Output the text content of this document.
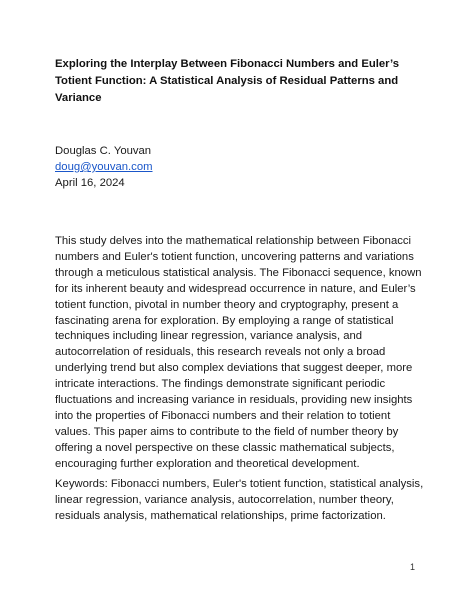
Exploring the Interplay Between Fibonacci Numbers and Euler’s Totient Function: A Statistical Analysis of Residual Patterns and Variance
Douglas C. Youvan
doug@youvan.com
April 16, 2024
This study delves into the mathematical relationship between Fibonacci numbers and Euler's totient function, uncovering patterns and variations through a meticulous statistical analysis. The Fibonacci sequence, known for its inherent beauty and widespread occurrence in nature, and Euler’s totient function, pivotal in number theory and cryptography, present a fascinating arena for exploration. By employing a range of statistical techniques including linear regression, variance analysis, and autocorrelation of residuals, this research reveals not only a broad underlying trend but also complex deviations that suggest deeper, more intricate interactions. The findings demonstrate significant periodic fluctuations and increasing variance in residuals, providing new insights into the properties of Fibonacci numbers and their relation to totient values. This paper aims to contribute to the field of number theory by offering a novel perspective on these classic mathematical subjects, encouraging further exploration and theoretical development.
Keywords: Fibonacci numbers, Euler's totient function, statistical analysis, linear regression, variance analysis, autocorrelation, number theory, residuals analysis, mathematical relationships, prime factorization.
1
